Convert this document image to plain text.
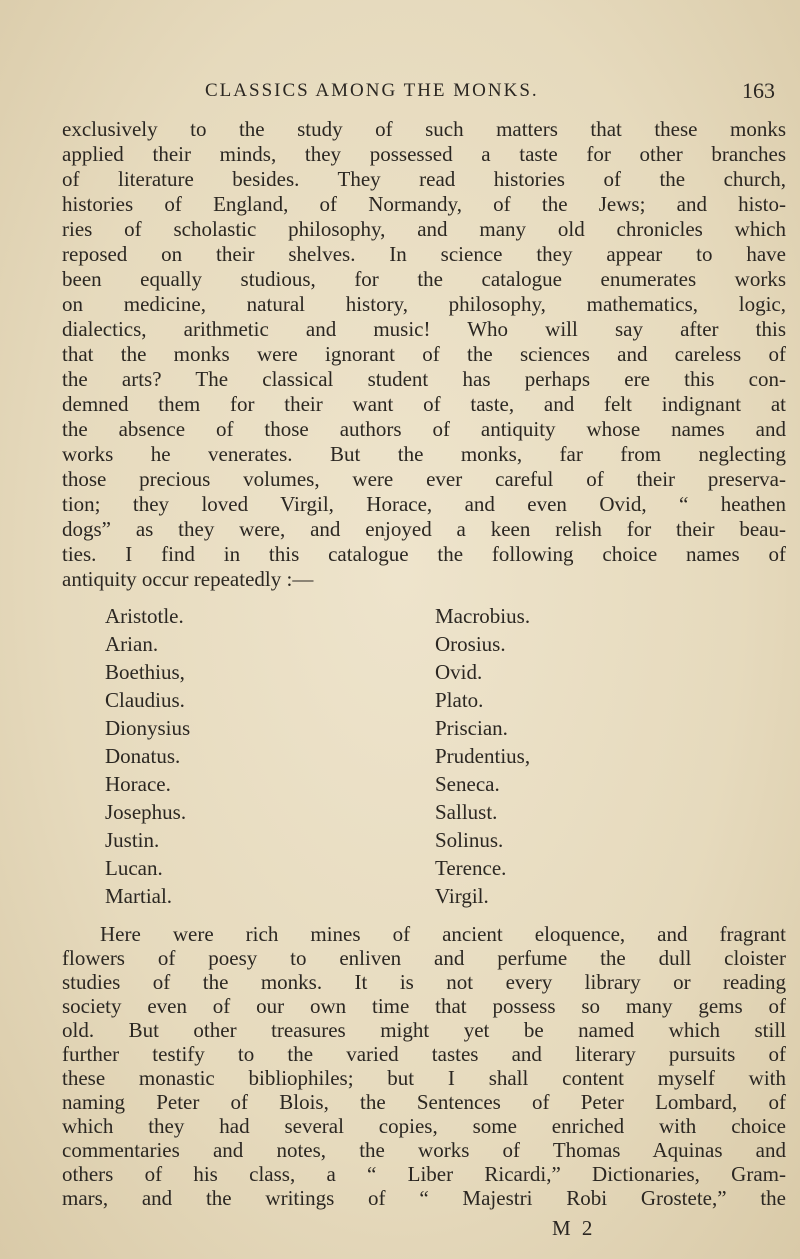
CLASSICS AMONG THE MONKS.	163
exclusively to the study of such matters that these monks
applied their minds, they possessed a taste for other branches
of literature besides. They read histories of the church,
histories of England, of Normandy, of the Jews; and histo-
ries of scholastic philosophy, and many old chronicles which
reposed on their shelves. In science they appear to have
been equally studious, for the catalogue enumerates works
on medicine, natural history, philosophy, mathematics, logic,
dialectics, arithmetic and music! Who will say after this
that the monks were ignorant of the sciences and careless of
the arts? The classical student has perhaps ere this con-
demned them for their want of taste, and felt indignant at
the absence of those authors of antiquity whose names and
works he venerates. But the monks, far from neglecting
those precious volumes, were ever careful of their preserva-
tion; they loved Virgil, Horace, and even Ovid, “ heathen
dogs” as they were, and enjoyed a keen relish for their beau-
ties. I find in this catalogue the following choice names of
antiquity occur repeatedly :—
Aristotle.	Macrobius.
Arian.	Orosius.
Boethius,	Ovid.
Claudius.	Plato.
Dionysius	Priscian.
Donatus.	Prudentius,
Horace.	Seneca.
Josephus.	Sallust.
Justin.	Solinus.
Lucan.	Terence.
Martial.	Virgil.
Here were rich mines of ancient eloquence, and fragrant
flowers of poesy to enliven and perfume the dull cloister
studies of the monks. It is not every library or reading
society even of our own time that possess so many gems of
old. But other treasures might yet be named which still
further testify to the varied tastes and literary pursuits of
these monastic bibliophiles; but I shall content myself with
naming Peter of Blois, the Sentences of Peter Lombard, of
which they had several copies, some enriched with choice
commentaries and notes, the works of Thomas Aquinas and
others of his class, a “ Liber Ricardi,” Dictionaries, Gram-
mars, and the writings of “ Majestri Robi Grostete,” the
M 2
